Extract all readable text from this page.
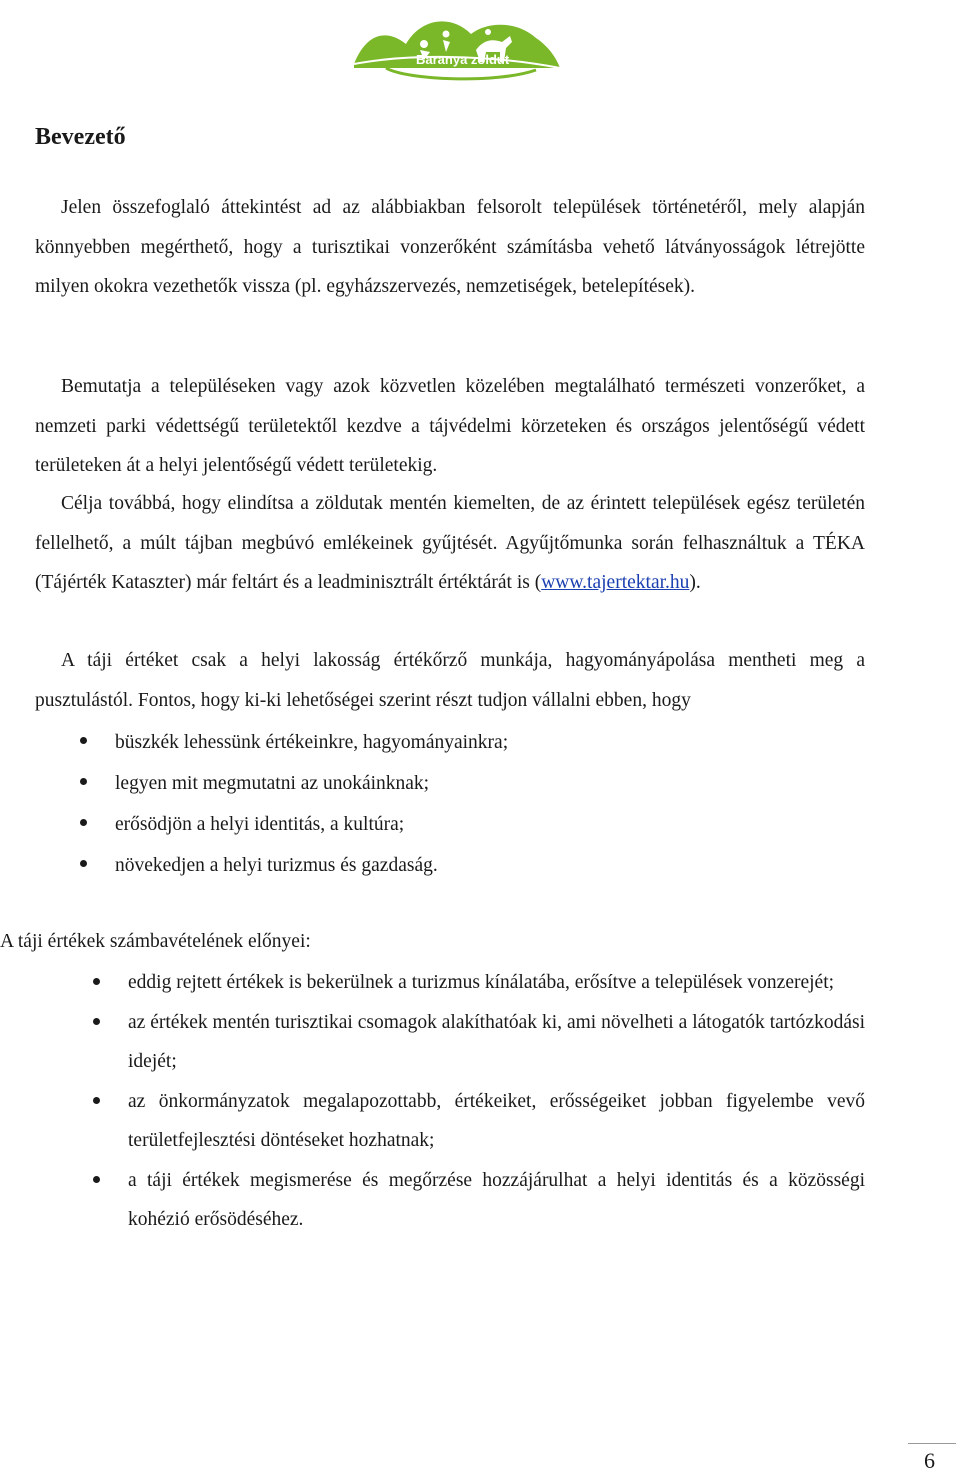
Baranya zöldút
Bevezető

Jelen összefoglaló áttekintést ad az alábbiakban felsorolt települések történetéről, mely alapján könnyebben megérthető, hogy a turisztikai vonzerőként számításba vehető látványosságok létrejötte milyen okokra vezethetők vissza (pl. egyházszervezés, nemzetiségek, betelepítések).

Bemutatja a településeken vagy azok közvetlen közelében megtalálható természeti vonzerőket, a nemzeti parki védettségű területektől kezdve a tájvédelmi körzeteken és országos jelentőségű védett területeken át a helyi jelentőségű védett területekig.

Célja továbbá, hogy elindítsa a zöldutak mentén kiemelten, de az érintett települések egész területén fellelhető, a múlt tájban megbúvó emlékeinek gyűjtését. Agyűjtőmunka során felhasználtuk a TÉKA (Tájérték Kataszter) már feltárt és a leadminisztrált értéktárát is (www.tajertektar.hu).

A táji értéket csak a helyi lakosság értékőrző munkája, hagyományápolása mentheti meg a pusztulástól. Fontos, hogy ki-ki lehetőségei szerint részt tudjon vállalni ebben, hogy

büszkék lehessünk értékeinkre, hagyományainkra;
legyen mit megmutatni az unokáinknak;
erősödjön a helyi identitás, a kultúra;
növekedjen a helyi turizmus és gazdaság.

A táji értékek számbavételének előnyei:

eddig rejtett értékek is bekerülnek a turizmus kínálatába, erősítve a települések vonzerejét;
az értékek mentén turisztikai csomagok alakíthatóak ki, ami növelheti a látogatók tartózkodási idejét;
az önkormányzatok megalapozottabb, értékeiket, erősségeiket jobban figyelembe vevő területfejlesztési döntéseket hozhatnak;
a táji értékek megismerése és megőrzése hozzájárulhat a helyi identitás és a közösségi kohézió erősödéséhez.
6
